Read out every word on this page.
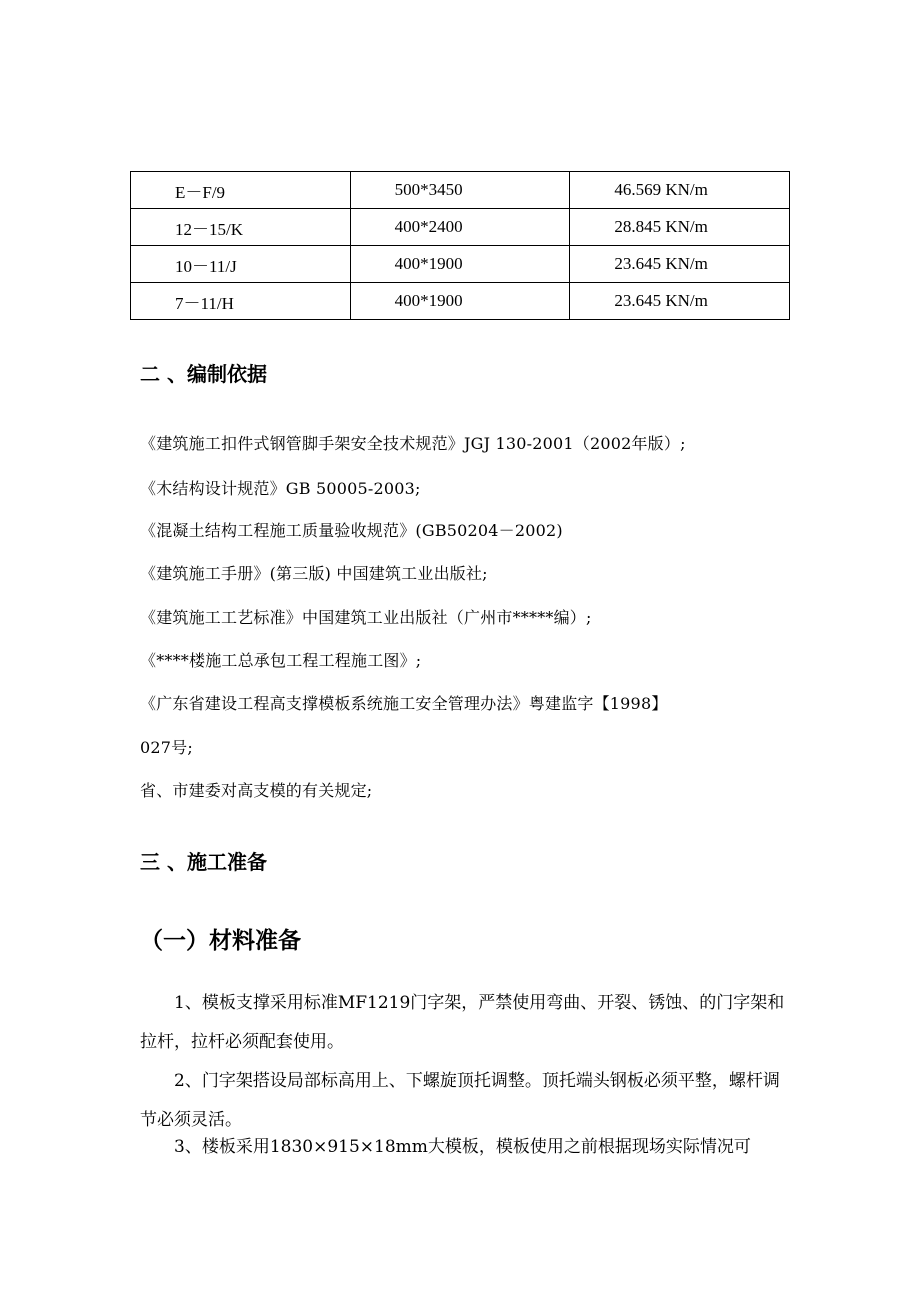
E－F/9	500*3450	46.569 KN/m
12－15/K	400*2400	28.845 KN/m
10－11/J	400*1900	23.645 KN/m
7－11/H	400*1900	23.645 KN/m
二 、编制依据
《建筑施工扣件式钢管脚手架安全技术规范》JGJ 130-2001（2002年版）;
《木结构设计规范》GB 50005-2003;
《混凝土结构工程施工质量验收规范》(GB50204－2002)
《建筑施工手册》(第三版) 中国建筑工业出版社;
《建筑施工工艺标准》中国建筑工业出版社（广州市*****编）;
《****楼施工总承包工程工程施工图》;
《广东省建设工程高支撑模板系统施工安全管理办法》粤建监字【1998】
027号;
省、市建委对高支模的有关规定;
三 、施工准备
（一）材料准备
1、模板支撑采用标准MF1219门字架，严禁使用弯曲、开裂、锈蚀、的门字架和拉杆，拉杆必须配套使用。
2、门字架搭设局部标高用上、下螺旋顶托调整。顶托端头钢板必须平整，螺杆调节必须灵活。
3、楼板采用1830×915×18mm大模板，模板使用之前根据现场实际情况可
